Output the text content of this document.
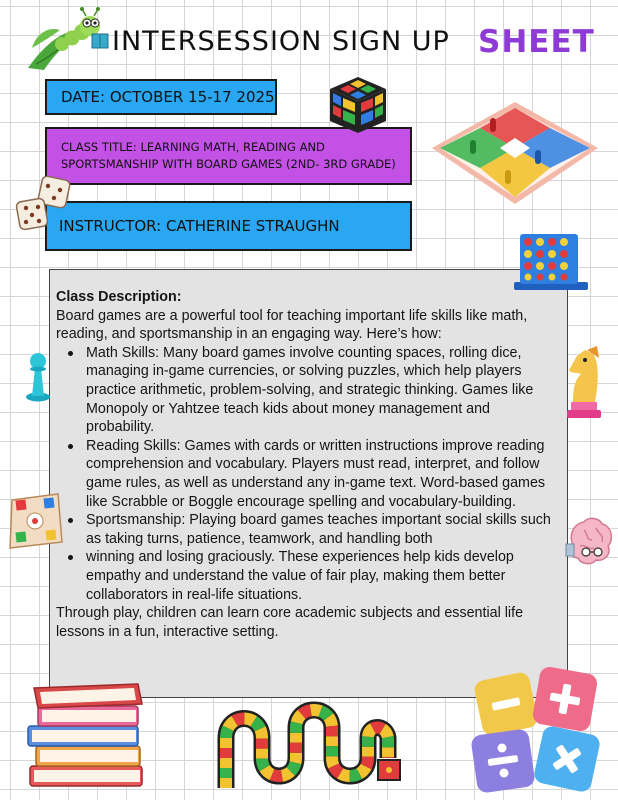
INTERSESSION SIGN UP SHEET
DATE: OCTOBER 15-17 2025
CLASS TITLE: LEARNING MATH, READING AND
SPORTSMANSHIP WITH BOARD GAMES (2ND- 3RD GRADE)
INSTRUCTOR: CATHERINE STRAUGHN
Class Description:

Board games are a powerful tool for teaching important life skills like math, reading, and sportsmanship in an engaging way. Here’s how:

Math Skills: Many board games involve counting spaces, rolling dice, managing in-game currencies, or solving puzzles, which help players practice arithmetic, problem-solving, and strategic thinking. Games like Monopoly or Yahtzee teach kids about money management and probability.
Reading Skills: Games with cards or written instructions improve reading comprehension and vocabulary. Players must read, interpret, and follow game rules, as well as understand any in-game text. Word-based games like Scrabble or Boggle encourage spelling and vocabulary-building.
Sportsmanship: Playing board games teaches important social skills such as taking turns, patience, teamwork, and handling both
winning and losing graciously. These experiences help kids develop empathy and understand the value of fair play, making them better collaborators in real-life situations.

Through play, children can learn core academic subjects and essential life lessons in a fun, interactive setting.
